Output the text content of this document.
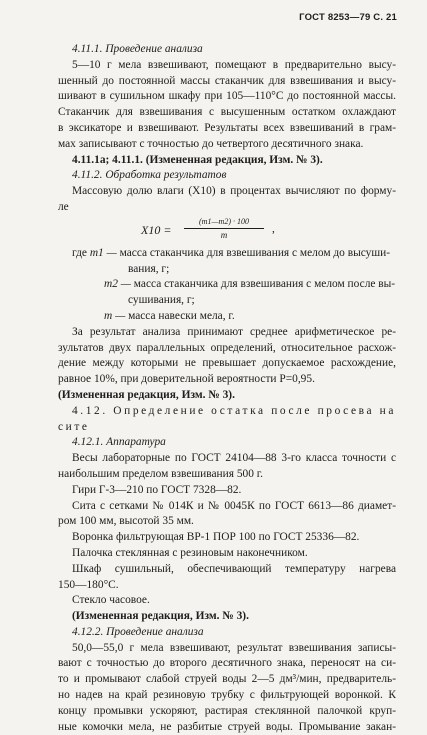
ГОСТ 8253—79 С. 21
4.11.1. Проведение анализа
5—10 г мела взвешивают, помещают в предварительно высу-
шенный до постоянной массы стаканчик для взвешивания и высу-
шивают в сушильном шкафу при 105—110°С до постоянной массы.
Стаканчик для взвешивания с высушенным остатком охлаждают
в эксикаторе и взвешивают. Результаты всех взвешиваний в грам-
мах записывают с точностью до четвертого десятичного знака.
4.11.1а; 4.11.1. (Измененная редакция, Изм. № 3).
4.11.2. Обработка результатов
Массовую долю влаги (X10) в процентах вычисляют по форму-
ле
$X10 = \frac{(m1—m2) \cdot 100}{m}$ ,
где m1 — масса стаканчика для взвешивания с мелом до высуши-
вания, г;
m2 — масса стаканчика для взвешивания с мелом после вы-
сушивания, г;
m — масса навески мела, г.
За результат анализа принимают среднее арифметическое ре-
зультатов двух параллельных определений, относительное расхож-
дение между которыми не превышает допускаемое расхождение,
равное 10%, при доверительной вероятности P=0,95.
(Измененная редакция, Изм. № 3).
4.12. Определение остатка после просева на
сите
4.12.1. Аппаратура
Весы лабораторные по ГОСТ 24104—88 3-го класса точности с
наибольшим пределом взвешивания 500 г.
Гири Г-3—210 по ГОСТ 7328—82.
Сита с сетками № 014К и № 0045К по ГОСТ 6613—86 диамет-
ром 100 мм, высотой 35 мм.
Воронка фильтрующая ВР-1 ПОР 100 по ГОСТ 25336—82.
Палочка стеклянная с резиновым наконечником.
Шкаф сушильный, обеспечивающий температуру нагрева
150—180°С.
Стекло часовое.
(Измененная редакция, Изм. № 3).
4.12.2. Проведение анализа
50,0—55,0 г мела взвешивают, результат взвешивания записы-
вают с точностью до второго десятичного знака, переносят на си-
то и промывают слабой струей воды 2—5 дм³/мин, предваритель-
но надев на край резиновую трубку с фильтрующей воронкой. К
концу промывки ускоряют, растирая стеклянной палочкой круп-
ные комочки мела, не разбитые струей воды. Промывание закан-
